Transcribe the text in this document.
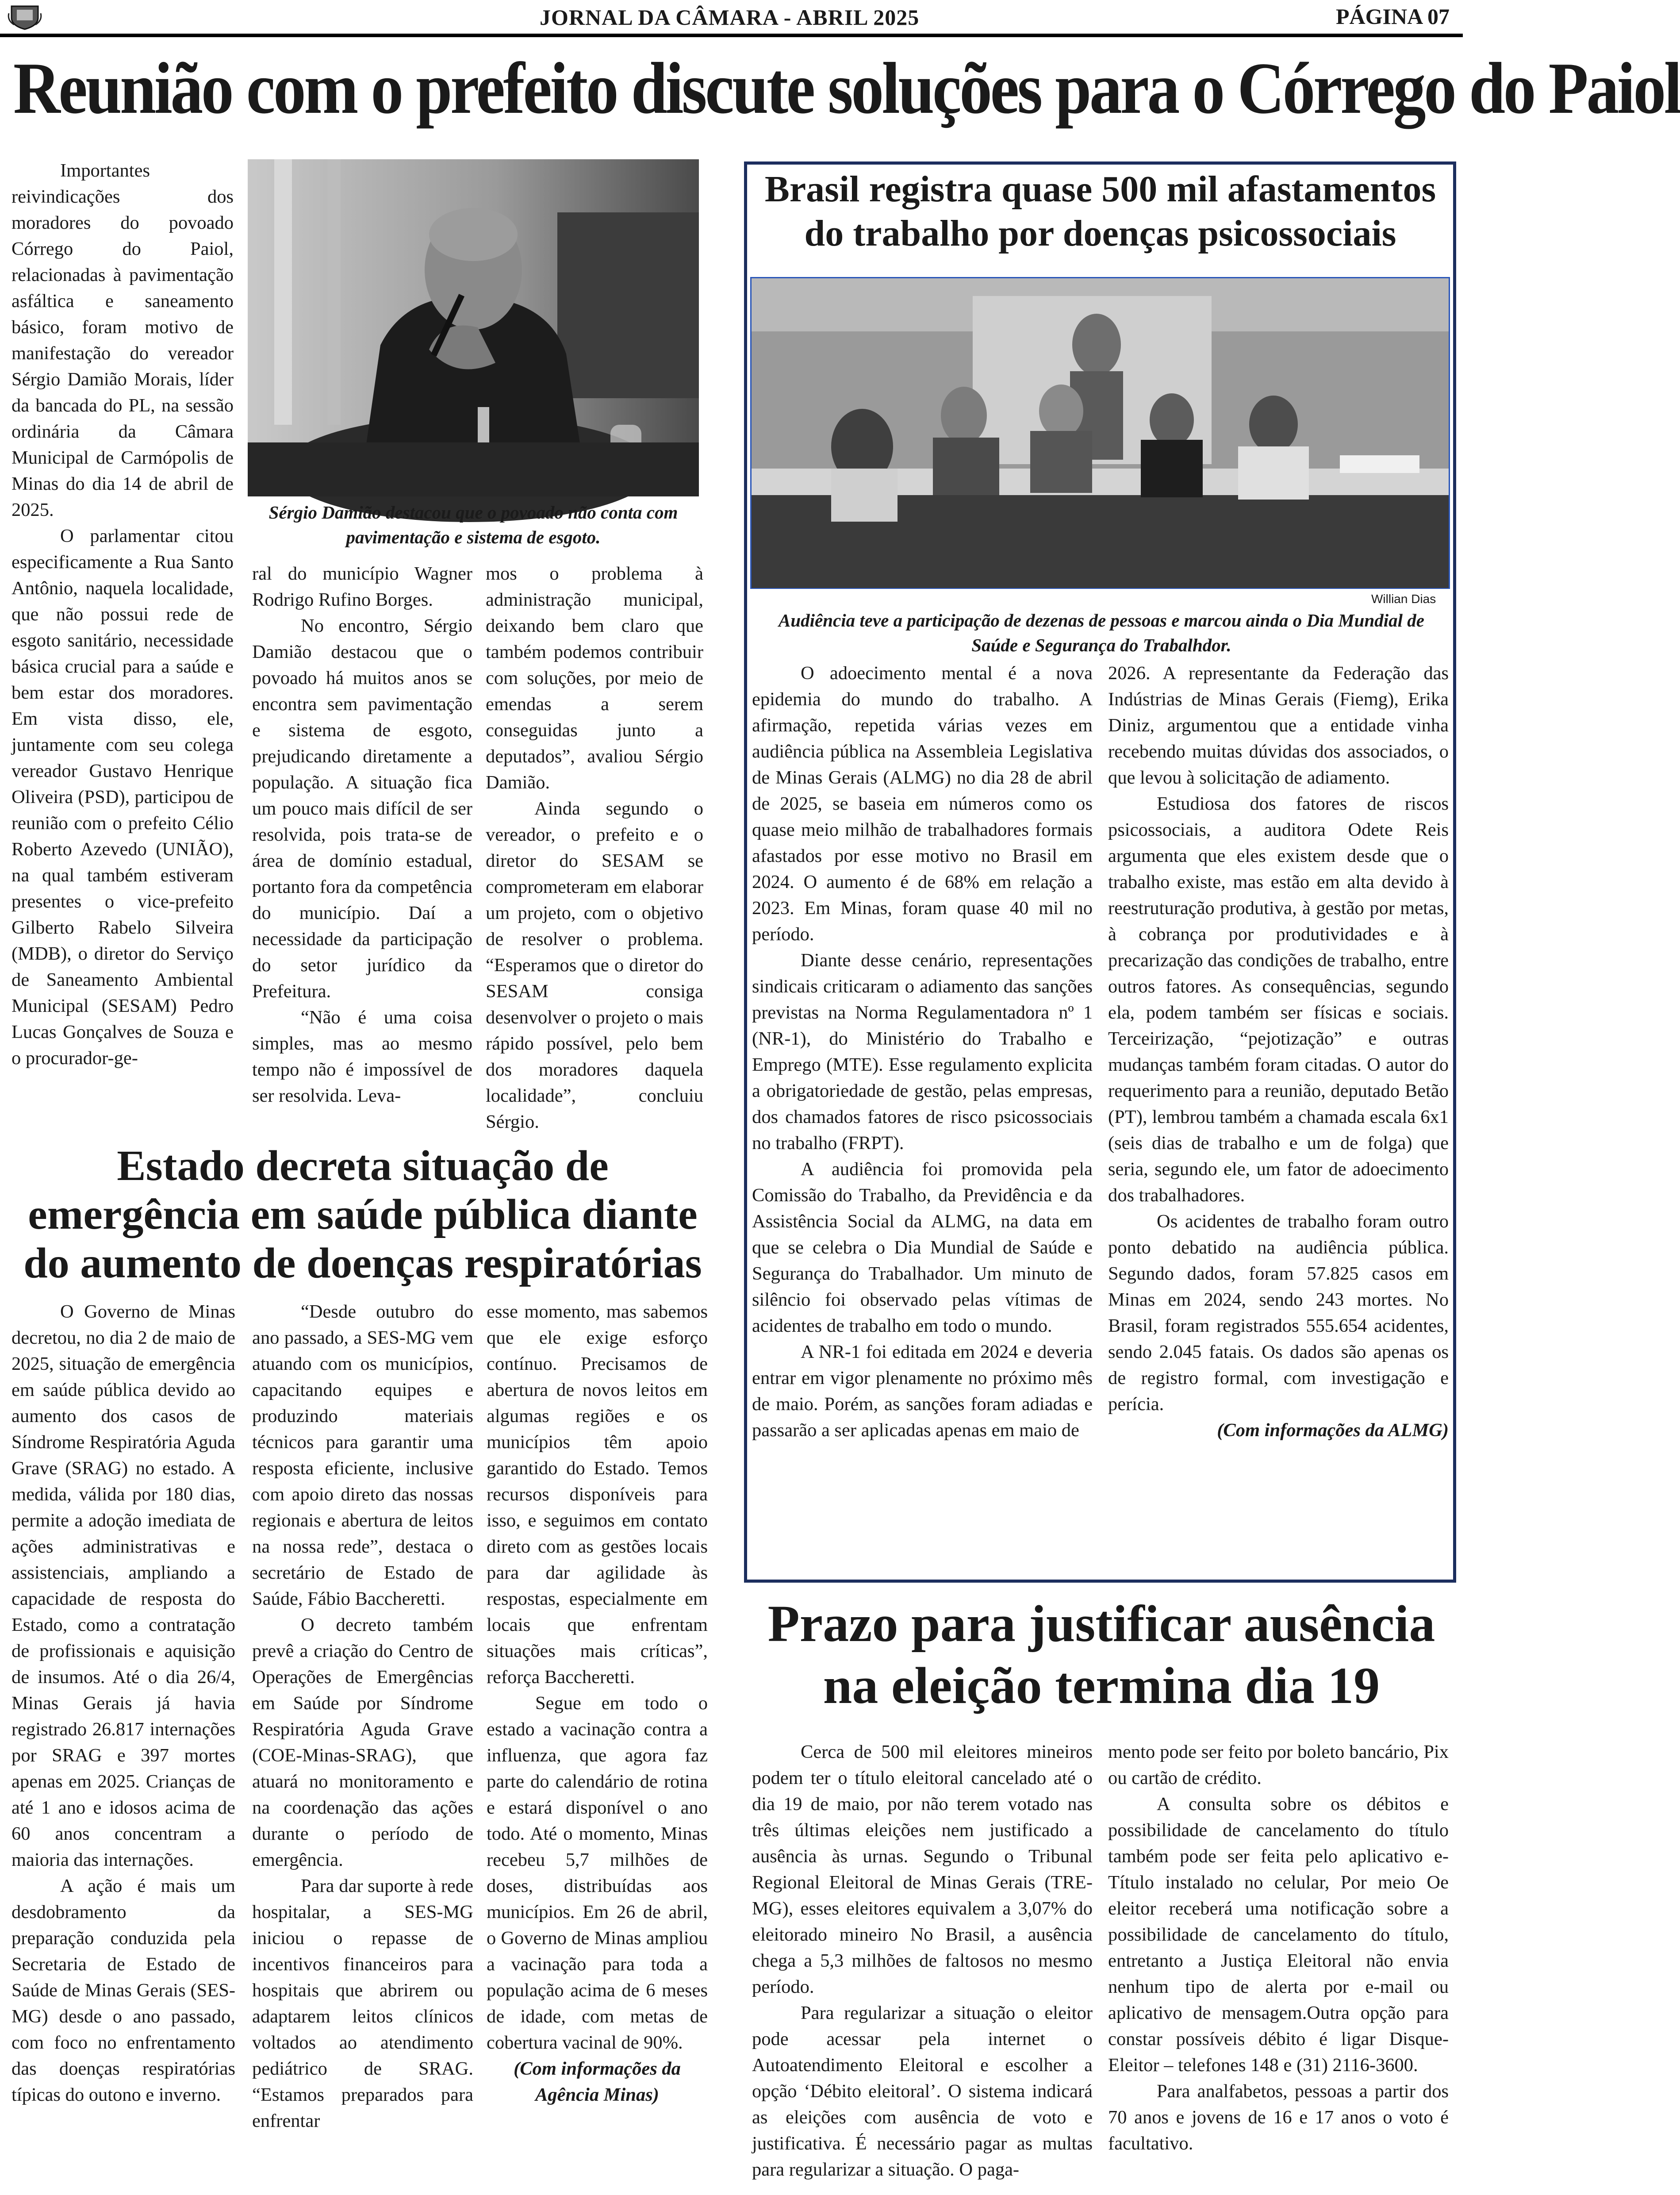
JORNAL DA CÂMARA - ABRIL 2025	PÁGINA 07
Reunião com o prefeito discute soluções para o Córrego do Paiol

Importantes reivindicações dos moradores do povoado Córrego do Paiol, relacionadas à pavimentação asfáltica e saneamento básico, foram motivo de manifestação do vereador Sérgio Damião Morais, líder da bancada do PL, na sessão ordinária da Câmara Municipal de Carmópolis de Minas do dia 14 de abril de 2025.

O parlamentar citou especificamente a Rua Santo Antônio, naquela localidade, que não possui rede de esgoto sanitário, necessidade básica crucial para a saúde e bem estar dos moradores. Em vista disso, ele, juntamente com seu colega vereador Gustavo Henrique Oliveira (PSD), participou de reunião com o prefeito Célio Roberto Azevedo (UNIÃO), na qual também estiveram presentes o vice-prefeito Gilberto Rabelo Silveira (MDB), o diretor do Serviço de Saneamento Ambiental Municipal (SESAM) Pedro Lucas Gonçalves de Souza e o procurador-ge-

Sérgio Damião destacou que o povoado não conta com pavimentação e sistema de esgoto.

ral do município Wagner Rodrigo Rufino Borges.

No encontro, Sérgio Damião destacou que o povoado há muitos anos se encontra sem pavimentação e sistema de esgoto, prejudicando diretamente a população. A situação fica um pouco mais difícil de ser resolvida, pois trata-se de área de domínio estadual, portanto fora da competência do município. Daí a necessidade da participação do setor jurídico da Prefeitura.

“Não é uma coisa simples, mas ao mesmo tempo não é impossível de ser resolvida. Leva-

mos o problema à administração municipal, deixando bem claro que também podemos contribuir com soluções, por meio de emendas a serem conseguidas junto a deputados”, avaliou Sérgio Damião.

Ainda segundo o vereador, o prefeito e o diretor do SESAM se comprometeram em elaborar um projeto, com o objetivo de resolver o problema. “Esperamos que o diretor do SESAM consiga desenvolver o projeto o mais rápido possível, pelo bem dos moradores daquela localidade”, concluiu Sérgio.

Brasil registra quase 500 mil afastamentos do trabalho por doenças psicossociais
Willian Dias
Audiência teve a participação de dezenas de pessoas e marcou ainda o Dia Mundial de Saúde e Segurança do Trabalhdor.

O adoecimento mental é a nova epidemia do mundo do trabalho. A afirmação, repetida várias vezes em audiência pública na Assembleia Legislativa de Minas Gerais (ALMG) no dia 28 de abril de 2025, se baseia em números como os quase meio milhão de trabalhadores formais afastados por esse motivo no Brasil em 2024. O aumento é de 68% em relação a 2023. Em Minas, foram quase 40 mil no período.

Diante desse cenário, representações sindicais criticaram o adiamento das sanções previstas na Norma Regulamentadora nº 1 (NR-1), do Ministério do Trabalho e Emprego (MTE). Esse regulamento explicita a obrigatoriedade de gestão, pelas empresas, dos chamados fatores de risco psicossociais no trabalho (FRPT).

A audiência foi promovida pela Comissão do Trabalho, da Previdência e da Assistência Social da ALMG, na data em que se celebra o Dia Mundial de Saúde e Segurança do Trabalhador. Um minuto de silêncio foi observado pelas vítimas de acidentes de trabalho em todo o mundo.

A NR-1 foi editada em 2024 e deveria entrar em vigor plenamente no próximo mês de maio. Porém, as sanções foram adiadas e passarão a ser aplicadas apenas em maio de

2026. A representante da Federação das Indústrias de Minas Gerais (Fiemg), Erika Diniz, argumentou que a entidade vinha recebendo muitas dúvidas dos associados, o que levou à solicitação de adiamento.

Estudiosa dos fatores de riscos psicossociais, a auditora Odete Reis argumenta que eles existem desde que o trabalho existe, mas estão em alta devido à reestruturação produtiva, à gestão por metas, à cobrança por produtividades e à precarização das condições de trabalho, entre outros fatores. As consequências, segundo ela, podem também ser físicas e sociais. Terceirização, “pejotização” e outras mudanças também foram citadas. O autor do requerimento para a reunião, deputado Betão (PT), lembrou também a chamada escala 6x1 (seis dias de trabalho e um de folga) que seria, segundo ele, um fator de adoecimento dos trabalhadores.

Os acidentes de trabalho foram outro ponto debatido na audiência pública. Segundo dados, foram 57.825 casos em Minas em 2024, sendo 243 mortes. No Brasil, foram registrados 555.654 acidentes, sendo 2.045 fatais. Os dados são apenas os de registro formal, com investigação e perícia.

(Com informações da ALMG)

Estado decreta situação de emergência em saúde pública diante do aumento de doenças respiratórias

O Governo de Minas decretou, no dia 2 de maio de 2025, situação de emergência em saúde pública devido ao aumento dos casos de Síndrome Respiratória Aguda Grave (SRAG) no estado. A medida, válida por 180 dias, permite a adoção imediata de ações administrativas e assistenciais, ampliando a capacidade de resposta do Estado, como a contratação de profissionais e aquisição de insumos. Até o dia 26/4, Minas Gerais já havia registrado 26.817 internações por SRAG e 397 mortes apenas em 2025. Crianças de até 1 ano e idosos acima de 60 anos concentram a maioria das internações.

A ação é mais um desdobramento da preparação conduzida pela Secretaria de Estado de Saúde de Minas Gerais (SES-MG) desde o ano passado, com foco no enfrentamento das doenças respiratórias típicas do outono e inverno.

“Desde outubro do ano passado, a SES-MG vem atuando com os municípios, capacitando equipes e produzindo materiais técnicos para garantir uma resposta eficiente, inclusive com apoio direto das nossas regionais e abertura de leitos na nossa rede”, destaca o secretário de Estado de Saúde, Fábio Baccheretti.

O decreto também prevê a criação do Centro de Operações de Emergências em Saúde por Síndrome Respiratória Aguda Grave (COE-Minas-SRAG), que atuará no monitoramento e na coordenação das ações durante o período de emergência.

Para dar suporte à rede hospitalar, a SES-MG iniciou o repasse de incentivos financeiros para hospitais que abrirem ou adaptarem leitos clínicos voltados ao atendimento pediátrico de SRAG. “Estamos preparados para enfrentar

esse momento, mas sabemos que ele exige esforço contínuo. Precisamos de abertura de novos leitos em algumas regiões e os municípios têm apoio garantido do Estado. Temos recursos disponíveis para isso, e seguimos em contato direto com as gestões locais para dar agilidade às respostas, especialmente em locais que enfrentam situações mais críticas”, reforça Baccheretti.

Segue em todo o estado a vacinação contra a influenza, que agora faz parte do calendário de rotina e estará disponível o ano todo. Até o momento, Minas recebeu 5,7 milhões de doses, distribuídas aos municípios. Em 26 de abril, o Governo de Minas ampliou a vacinação para toda a população acima de 6 meses de idade, com metas de cobertura vacinal de 90%.

(Com informações da Agência Minas)

Prazo para justificar ausência na eleição termina dia 19

Cerca de 500 mil eleitores mineiros podem ter o título eleitoral cancelado até o dia 19 de maio, por não terem votado nas três últimas eleições nem justificado a ausência às urnas. Segundo o Tribunal Regional Eleitoral de Minas Gerais (TRE-MG), esses eleitores equivalem a 3,07% do eleitorado mineiro No Brasil, a ausência chega a 5,3 milhões de faltosos no mesmo período.

Para regularizar a situação o eleitor pode acessar pela internet o Autoatendimento Eleitoral e escolher a opção ‘Débito eleitoral’. O sistema indicará as eleições com ausência de voto e justificativa. É necessário pagar as multas para regularizar a situação. O paga-

mento pode ser feito por boleto bancário, Pix ou cartão de crédito.

A consulta sobre os débitos e possibilidade de cancelamento do título também pode ser feita pelo aplicativo e-Título instalado no celular, Por meio Oe eleitor receberá uma notificação sobre a possibilidade de cancelamento do título, entretanto a Justiça Eleitoral não envia nenhum tipo de alerta por e-mail ou aplicativo de mensagem.Outra opção para constar possíveis débito é ligar Disque-Eleitor – telefones 148 e (31) 2116-3600.

Para analfabetos, pessoas a partir dos 70 anos e jovens de 16 e 17 anos o voto é facultativo.
